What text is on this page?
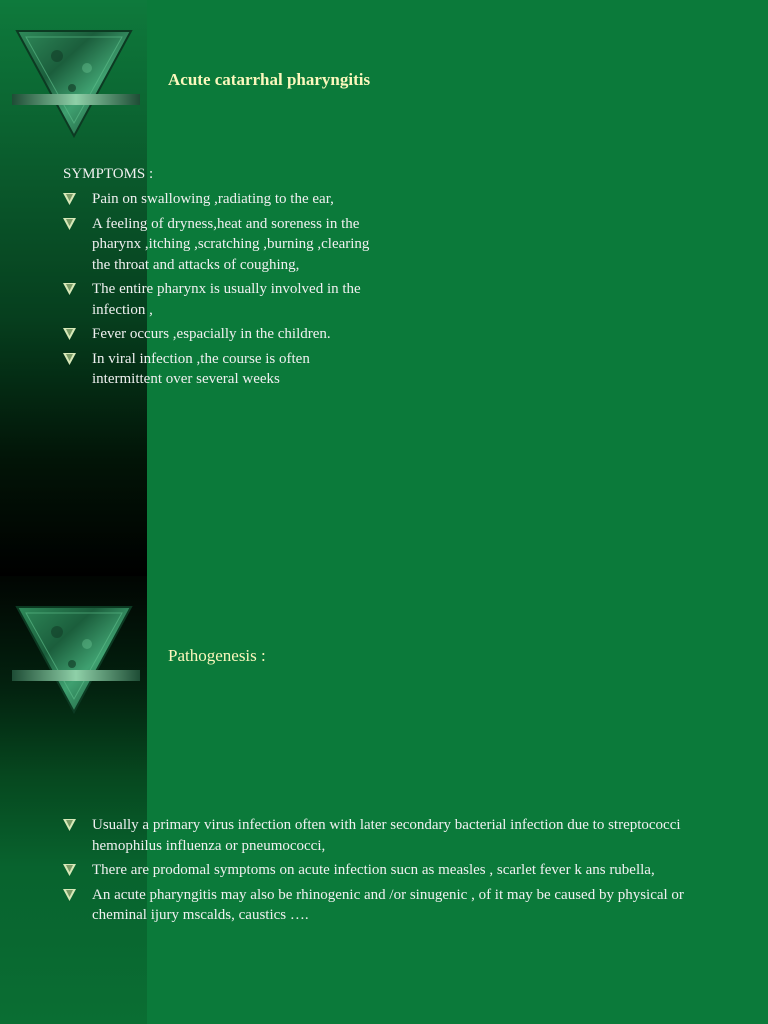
Acute catarrhal pharyngitis
SYMPTOMS :
Pain on swallowing ,radiating to the ear,
A feeling of dryness,heat and soreness in the pharynx ,itching ,scratching ,burning ,clearing the throat and attacks of coughing,
The entire pharynx is usually involved in the infection ,
Fever occurs ,espacially in the children.
In viral infection ,the course is often intermittent over several weeks
Pathogenesis :
Usually a primary virus infection often with later secondary bacterial infection due to streptococci hemophilus influenza or pneumococci,
There are prodomal symptoms on acute infection sucn as measles , scarlet fever k ans rubella,
An acute pharyngitis may also be rhinogenic and /or sinugenic , of it may be caused by physical or cheminal ijury mscalds, caustics ….
